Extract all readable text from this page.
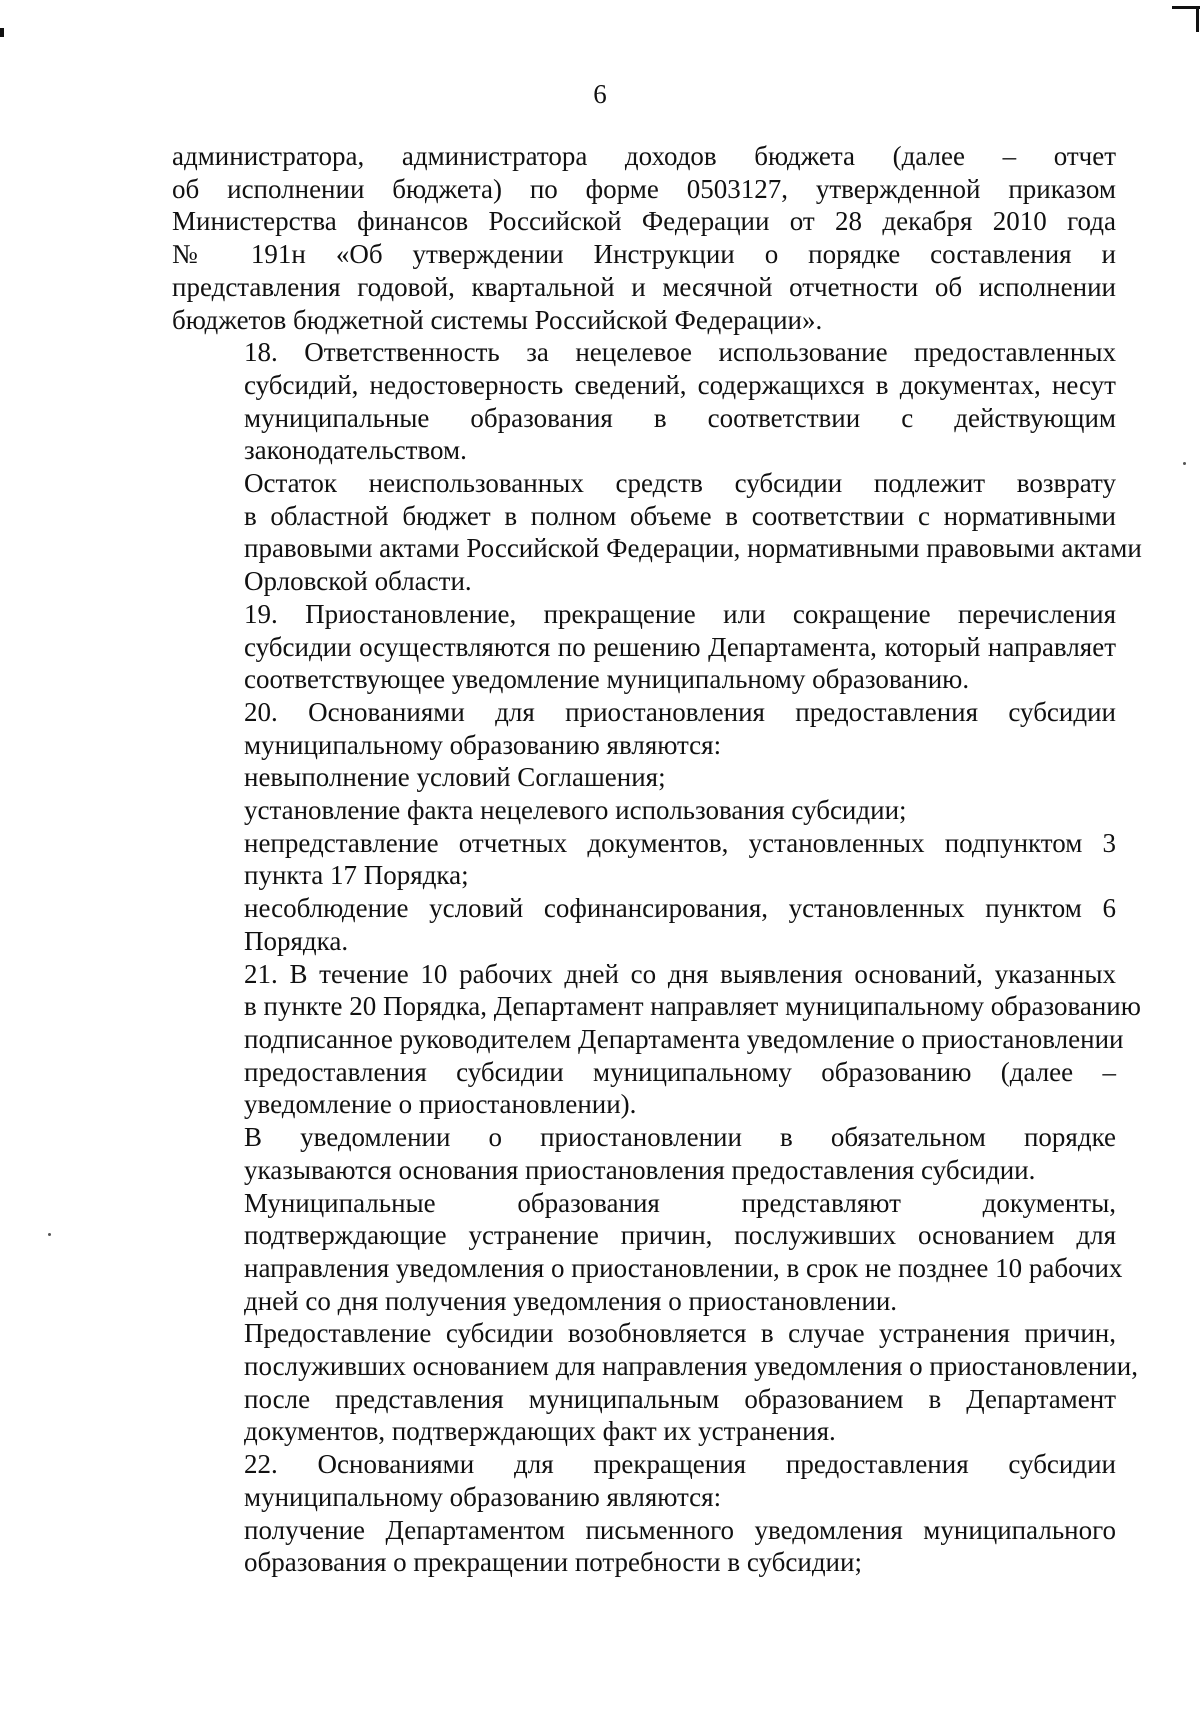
6

администратора, администратора доходов бюджета (далее – отчет
об исполнении бюджета) по форме 0503127, утвержденной приказом
Министерства финансов Российской Федерации от 28 декабря 2010 года
№ 191н «Об утверждении Инструкции о порядке составления и
представления годовой, квартальной и месячной отчетности об исполнении
бюджетов бюджетной системы Российской Федерации».

18. Ответственность за нецелевое использование предоставленных
субсидий, недостоверность сведений, содержащихся в документах, несут
муниципальные образования в соответствии с действующим
законодательством.

Остаток неиспользованных средств субсидии подлежит возврату
в областной бюджет в полном объеме в соответствии с нормативными
правовыми актами Российской Федерации, нормативными правовыми актами
Орловской области.

19. Приостановление, прекращение или сокращение перечисления
субсидии осуществляются по решению Департамента, который направляет
соответствующее уведомление муниципальному образованию.

20. Основаниями для приостановления предоставления субсидии
муниципальному образованию являются:

невыполнение условий Соглашения;

установление факта нецелевого использования субсидии;

непредставление отчетных документов, установленных подпунктом 3
пункта 17 Порядка;

несоблюдение условий софинансирования, установленных пунктом 6
Порядка.

21. В течение 10 рабочих дней со дня выявления оснований, указанных
в пункте 20 Порядка, Департамент направляет муниципальному образованию
подписанное руководителем Департамента уведомление о приостановлении
предоставления субсидии муниципальному образованию (далее –
уведомление о приостановлении).

В уведомлении о приостановлении в обязательном порядке
указываются основания приостановления предоставления субсидии.

Муниципальные образования представляют документы,
подтверждающие устранение причин, послуживших основанием для
направления уведомления о приостановлении, в срок не позднее 10 рабочих
дней со дня получения уведомления о приостановлении.

Предоставление субсидии возобновляется в случае устранения причин,
послуживших основанием для направления уведомления о приостановлении,
после представления муниципальным образованием в Департамент
документов, подтверждающих факт их устранения.

22. Основаниями для прекращения предоставления субсидии
муниципальному образованию являются:

получение Департаментом письменного уведомления муниципального
образования о прекращении потребности в субсидии;
